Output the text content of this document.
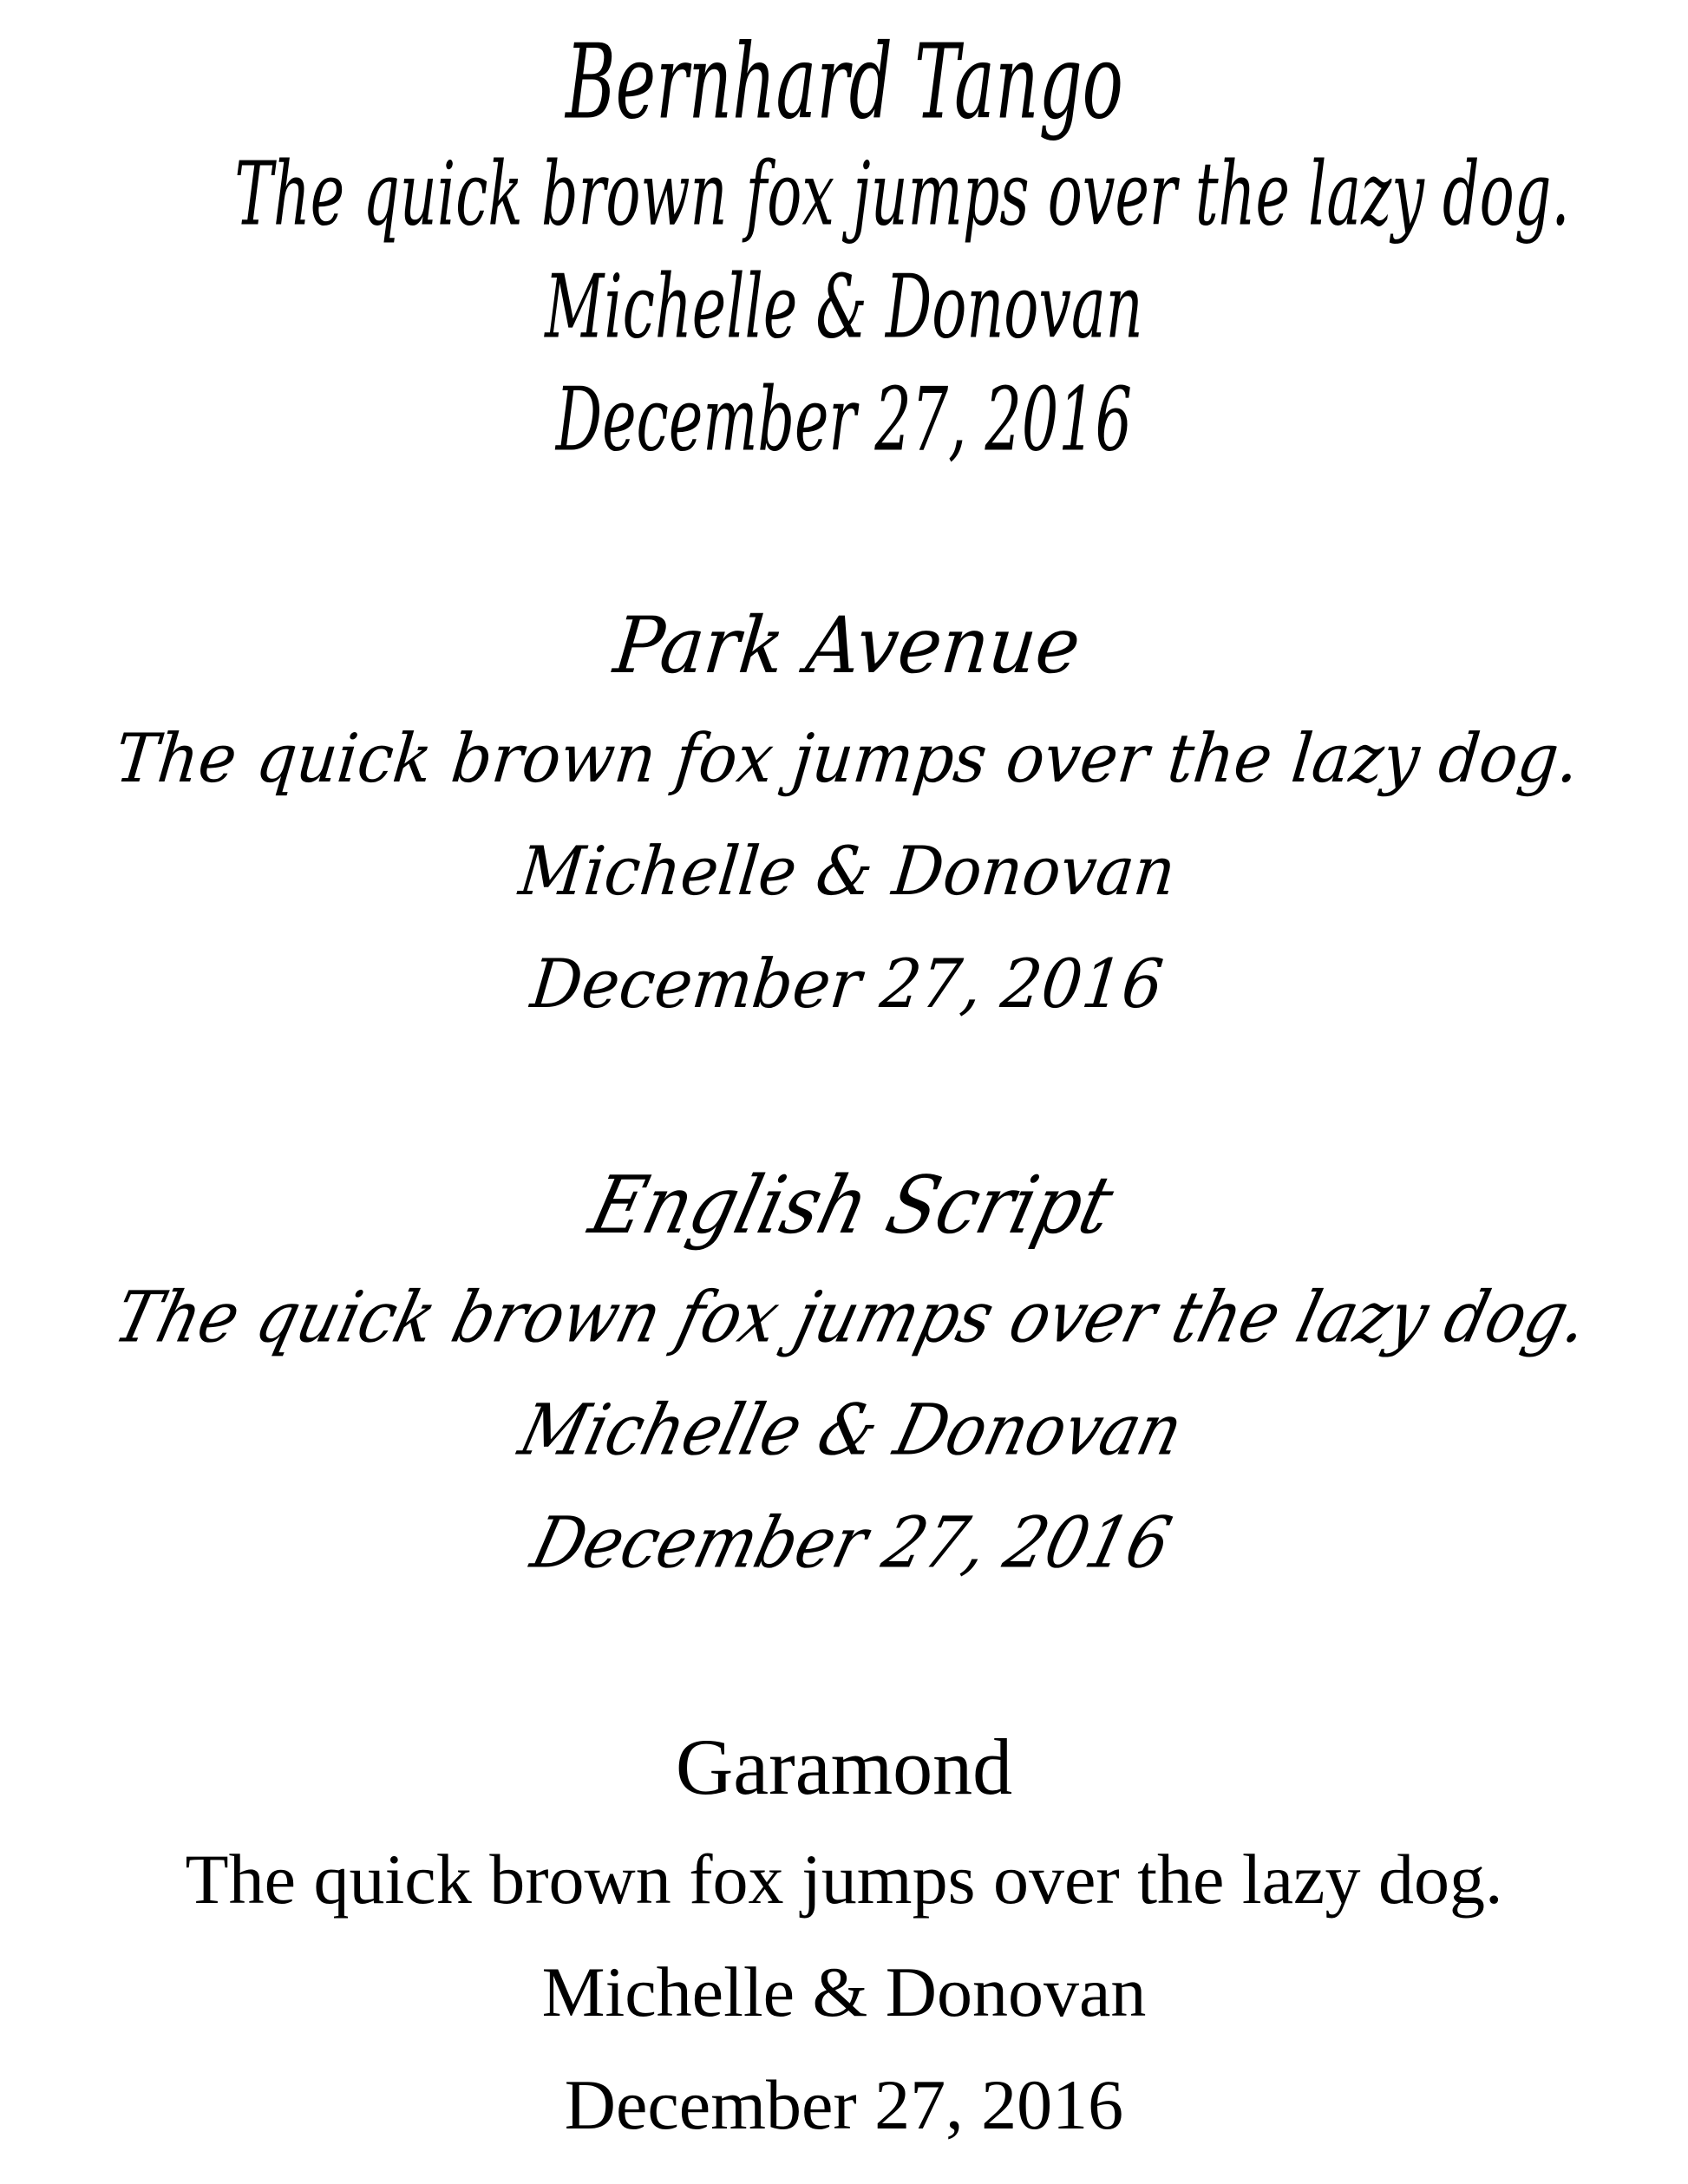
Bernhard Tango
The quick brown fox jumps over the lazy dog.
Michelle & Donovan
December 27, 2016
Park Avenue
The quick brown fox jumps over the lazy dog.
Michelle & Donovan
December 27, 2016
English Script
The quick brown fox jumps over the lazy dog.
Michelle & Donovan
December 27, 2016
Garamond
The quick brown fox jumps over the lazy dog.
Michelle & Donovan
December 27, 2016
